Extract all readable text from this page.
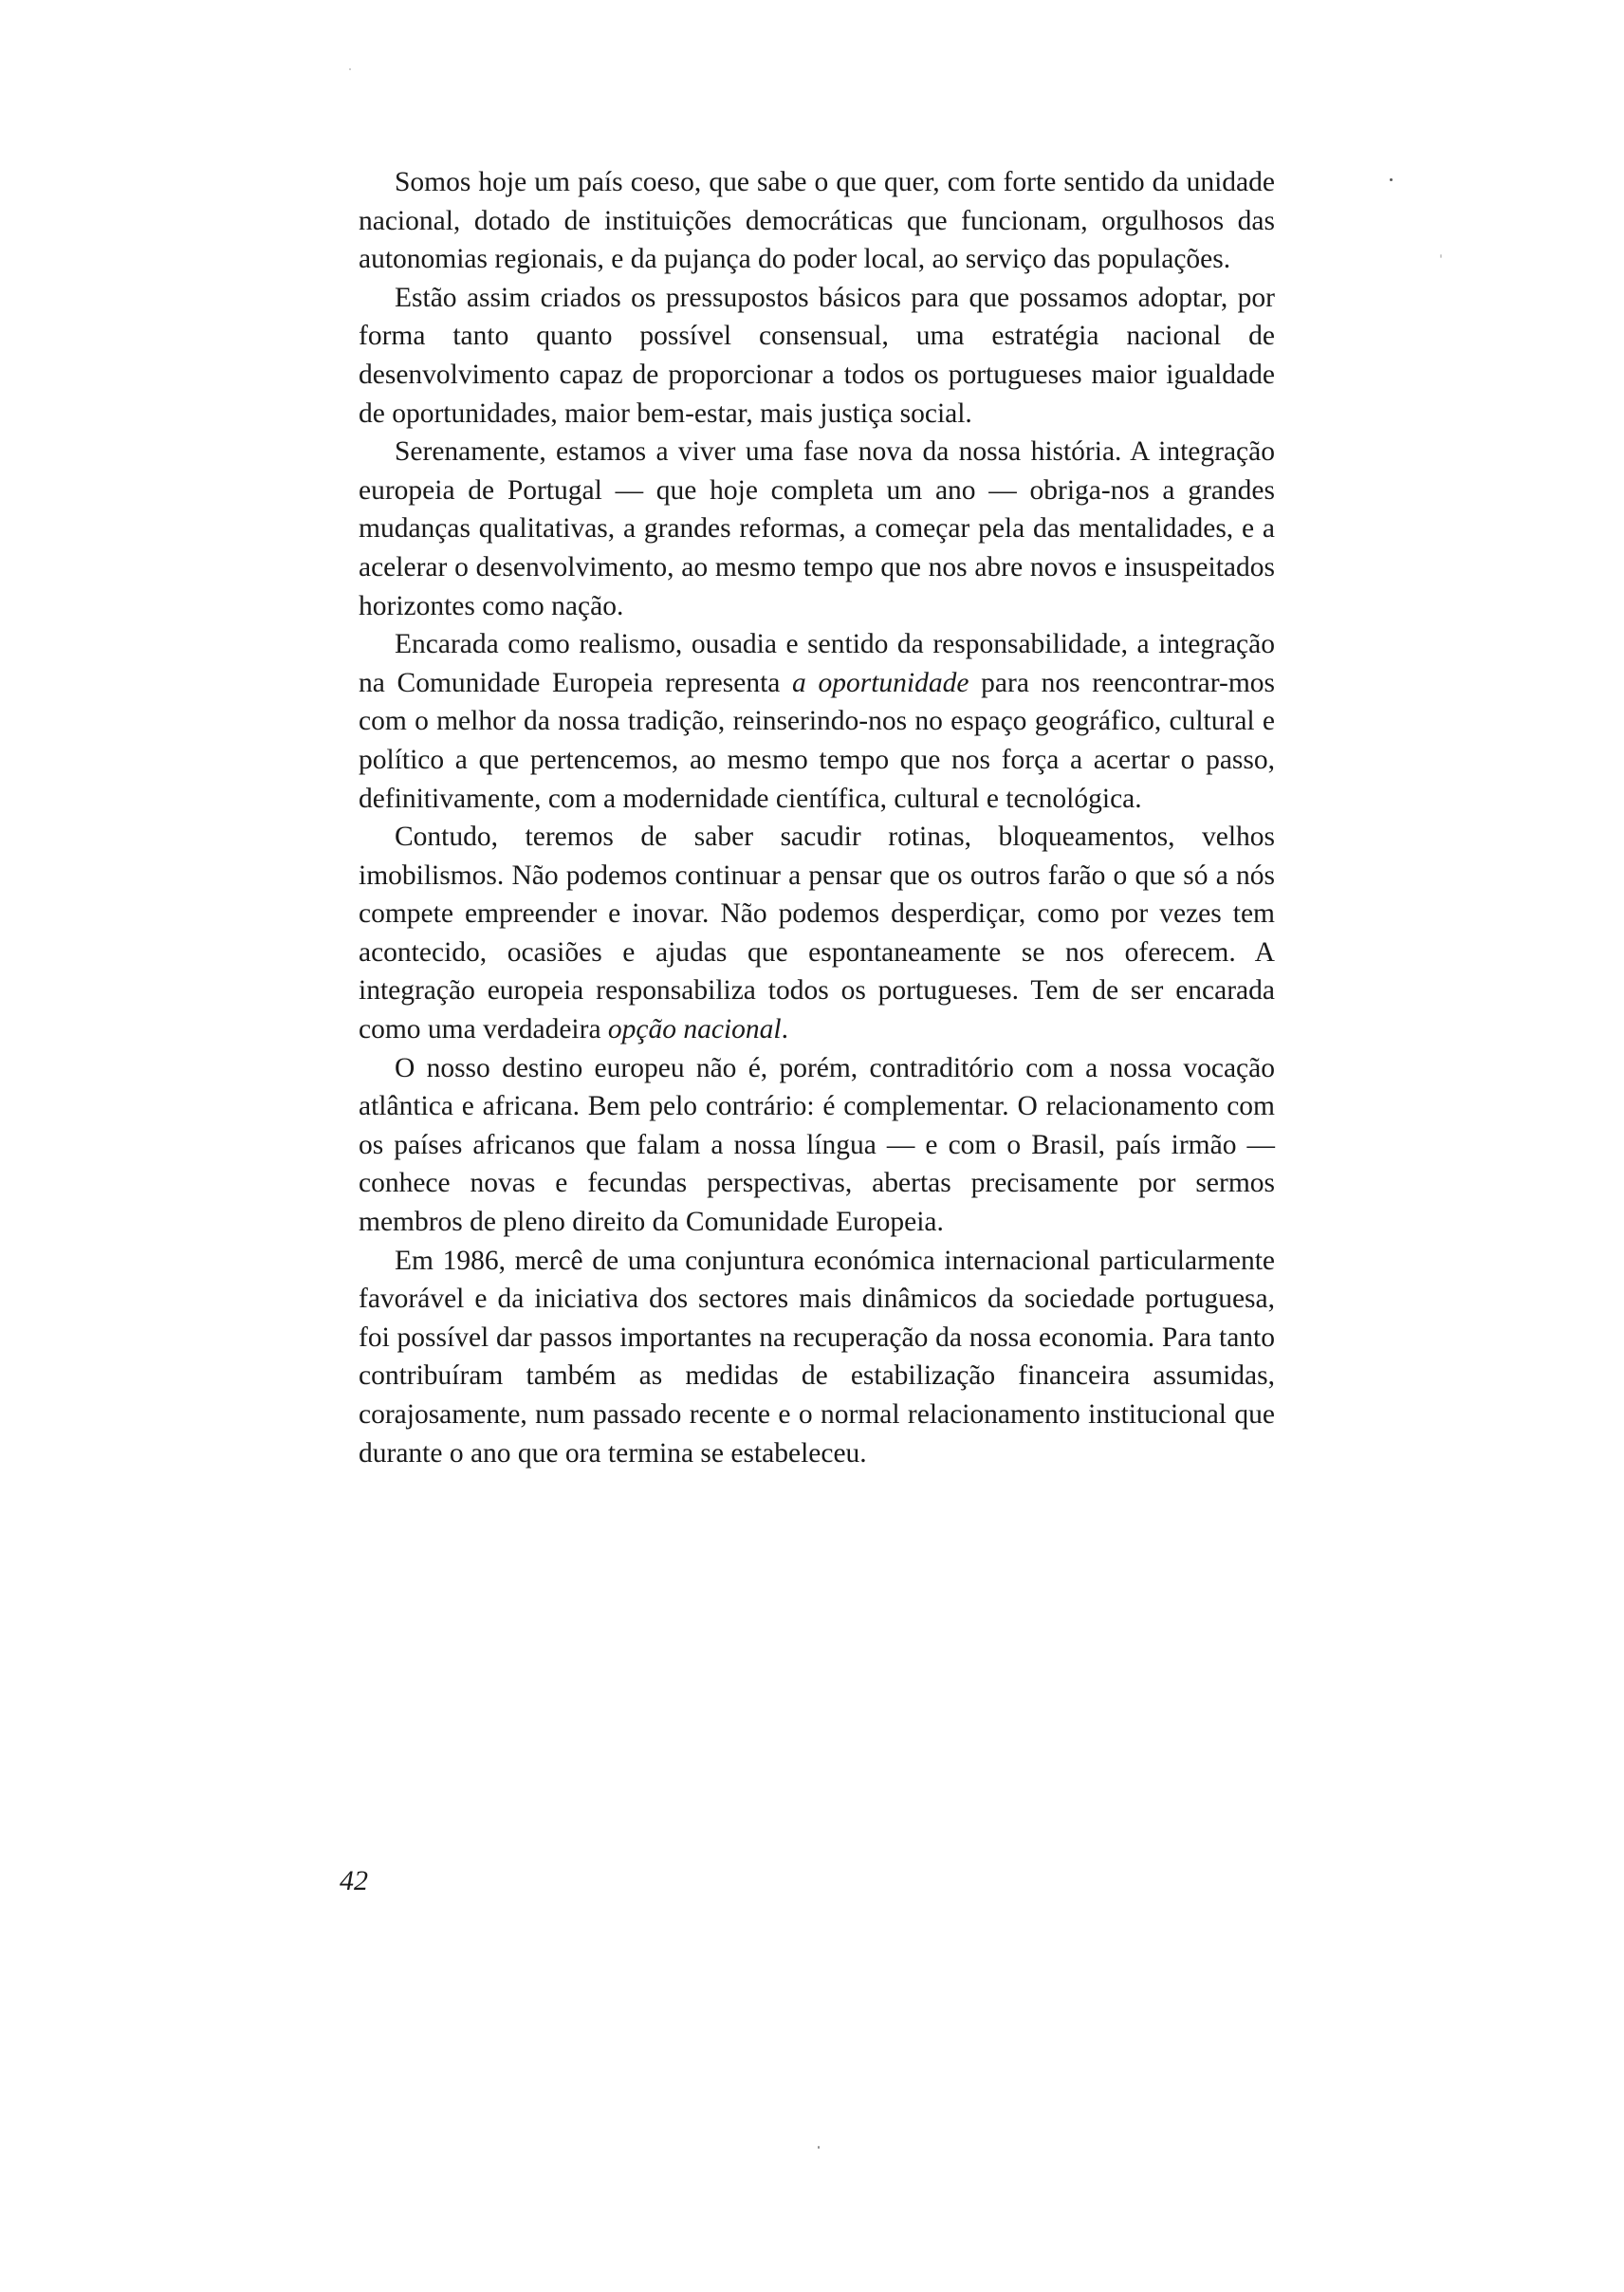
Somos hoje um país coeso, que sabe o que quer, com forte sentido da unidade nacional, dotado de instituições democráticas que funcionam, orgulhosos das autonomias regionais, e da pujança do poder local, ao serviço das populações.

Estão assim criados os pressupostos básicos para que possamos adoptar, por forma tanto quanto possível consensual, uma estratégia nacional de desenvolvimento capaz de proporcionar a todos os portugueses maior igualdade de oportunidades, maior bem-estar, mais justiça social.

Serenamente, estamos a viver uma fase nova da nossa história. A integração europeia de Portugal — que hoje completa um ano — obriga-nos a grandes mudanças qualitativas, a grandes reformas, a começar pela das mentalidades, e a acelerar o desenvolvimento, ao mesmo tempo que nos abre novos e insuspeitados horizontes como nação.

Encarada como realismo, ousadia e sentido da responsabilidade, a integração na Comunidade Europeia representa a oportunidade para nos reencontrar-mos com o melhor da nossa tradição, reinserindo-nos no espaço geográfico, cultural e político a que pertencemos, ao mesmo tempo que nos força a acertar o passo, definitivamente, com a modernidade científica, cultural e tecnológica.

Contudo, teremos de saber sacudir rotinas, bloqueamentos, velhos imobilismos. Não podemos continuar a pensar que os outros farão o que só a nós compete empreender e inovar. Não podemos desperdiçar, como por vezes tem acontecido, ocasiões e ajudas que espontaneamente se nos oferecem. A integração europeia responsabiliza todos os portugueses. Tem de ser encarada como uma verdadeira opção nacional.

O nosso destino europeu não é, porém, contraditório com a nossa vocação atlântica e africana. Bem pelo contrário: é complementar. O relacionamento com os países africanos que falam a nossa língua — e com o Brasil, país irmão — conhece novas e fecundas perspectivas, abertas precisamente por sermos membros de pleno direito da Comunidade Europeia.

Em 1986, mercê de uma conjuntura económica internacional particularmente favorável e da iniciativa dos sectores mais dinâmicos da sociedade portuguesa, foi possível dar passos importantes na recuperação da nossa economia. Para tanto contribuíram também as medidas de estabilização financeira assumidas, corajosamente, num passado recente e o normal relacionamento institucional que durante o ano que ora termina se estabeleceu.

42
